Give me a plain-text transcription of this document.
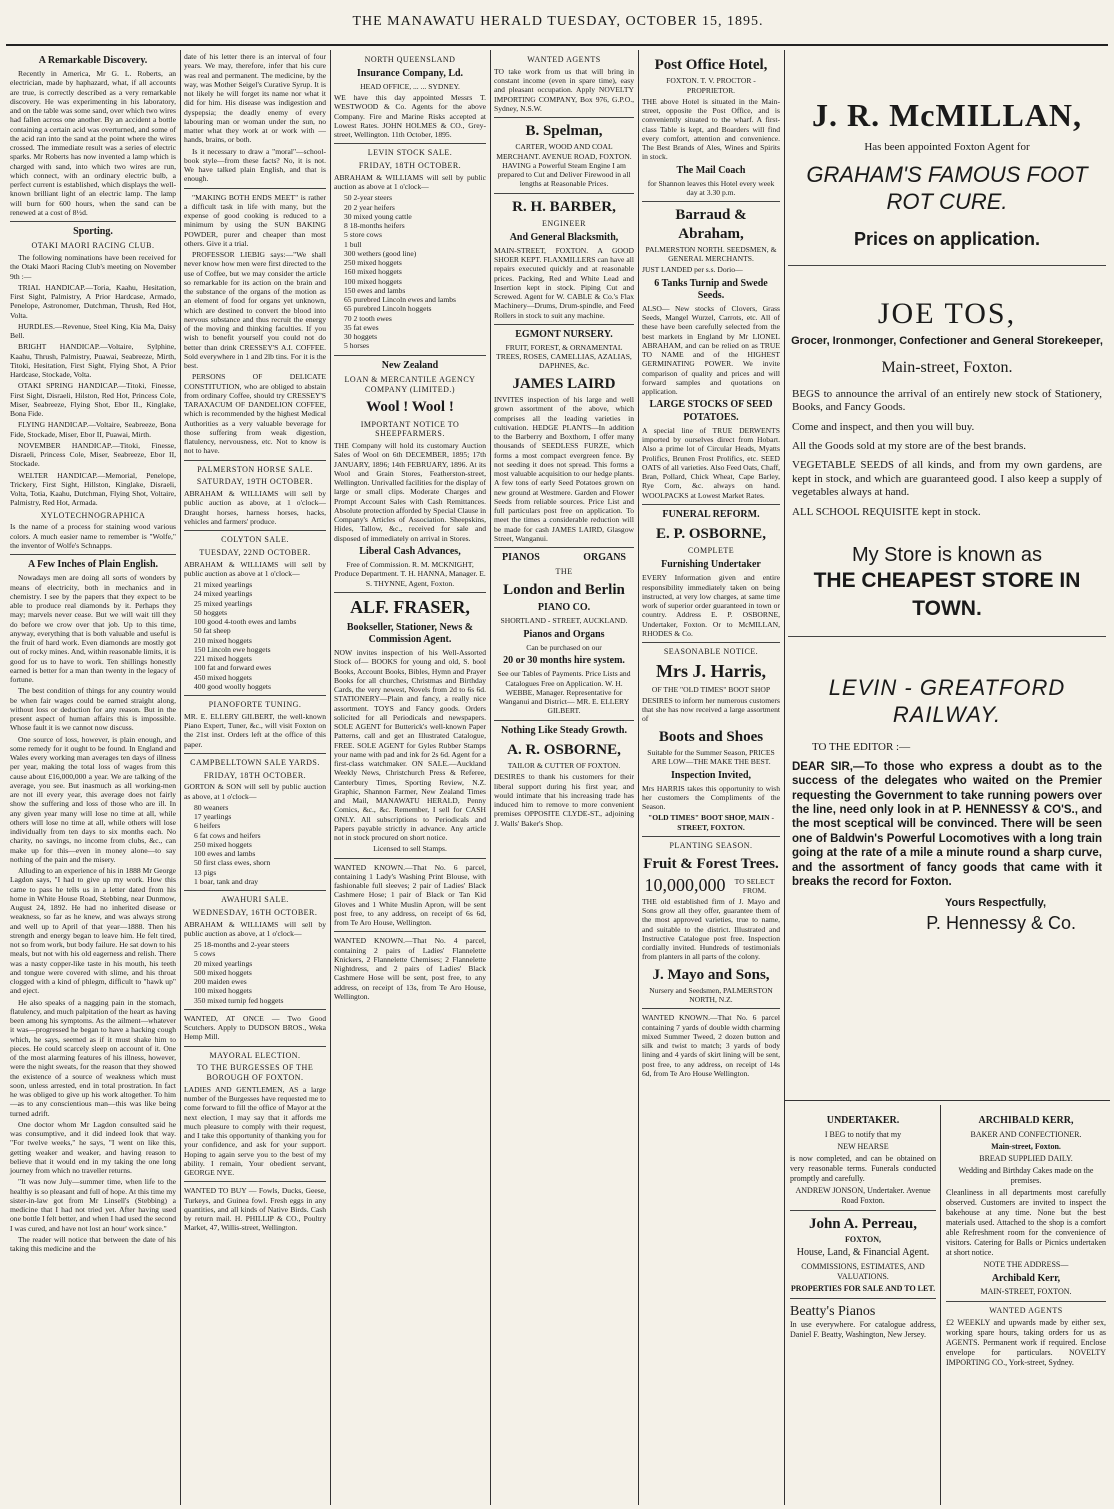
THE MANAWATU HERALD TUESDAY, OCTOBER 15, 1895.
A Remarkable Discovery.

Recently in America, Mr G. L. Roberts, an electrician, made by haphazard, what, if all accounts are true, is correctly described as a very remarkable discovery. He was experimenting in his laboratory, and on the table was some sand, over which two wires had fallen across one another. By an accident a bottle containing a certain acid was overturned, and some of the acid ran into the sand at the point where the wires crossed. The immediate result was a series of electric sparks. Mr Roberts has now invented a lamp which is charged with sand, into which two wires are run, which connect, with an ordinary electric bulb, a perfect current is established, which displays the well-known brilliant light of an electric lamp. The lamp will burn for 600 hours, when the sand can be renewed at a cost of 8½d.

Sporting.
OTAKI MAORI RACING CLUB.

The following nominations have been received for the Otaki Maori Racing Club's meeting on November 9th :—

TRIAL HANDICAP.—Toria, Kaahu, Hesitation, First Sight, Palmistry, A Prior Hardcase, Armado, Penelope, Astronomer, Dutchman, Thrush, Red Hot, Volta.

HURDLES.—Revenue, Steel King, Kia Ma, Daisy Bell.

BRIGHT HANDICAP.—Voltaire, Sylphine, Kaahu, Thrush, Palmistry, Puawai, Seabreeze, Mirth, Titoki, Hesitation, First Sight, Flying Shot, A Prior Hardcase, Stockade, Volta.

OTAKI SPRING HANDICAP.—Titoki, Finesse, First Sight, Disraeli, Hilston, Red Hot, Princess Cole, Miser, Seabreeze, Flying Shot, Ebor II., Kinglake, Bona Fide.

FLYING HANDICAP.—Voltaire, Seabreeze, Bona Fide, Stockade, Miser, Ebor II, Puawai, Mirth.

NOVEMBER HANDICAP.—Titoki, Finesse, Disraeli, Princess Cole, Miser, Seabreeze, Ebor II, Stockade.

WELTER HANDICAP.—Memorial, Penelope, Trickery, First Sight, Hillston, Kinglake, Disraeli, Volta, Totia, Kaahu, Dutchman, Flying Shot, Voltaire, Palmistry, Red Hot, Armada.

XYLOTECHNOGRAPHICA

Is the name of a process for staining wood various colors. A much easier name to remember is "Wolfe," the inventor of Wolfe's Schnapps.

A Few Inches of Plain English.

Nowadays men are doing all sorts of wonders by means of electricity, both in mechanics and in chemistry. I see by the papers that they expect to be able to produce real diamonds by it. Perhaps they may; marvels never cease. But we will wait till they do before we crow over that job. Up to this time, anyway, everything that is both valuable and useful is the fruit of hard work. Even diamonds are mostly got out of rocky mines. And, within reasonable limits, it is good for us to have to work. Ten shillings honestly earned is better for a man than twenty in the legacy of fortune.

The best condition of things for any country would be when fair wages could be earned straight along, without loss or deduction for any reason. But in the present aspect of human affairs this is impossible. Whose fault it is we cannot now discuss.

One source of loss, however, is plain enough, and some remedy for it ought to be found. In England and Wales every working man averages ten days of illness per year, making the total loss of wages from this cause about £16,000,000 a year. We are talking of the average, you see. But inasmuch as all working-men are not ill every year, this average does not fairly show the suffering and loss of those who are ill. In any given year many will lose no time at all, while others will lose no time at all, while others will lose individually from ten days to six months each. No charity, no savings, no income from clubs, &c., can make up for this—even in money alone—to say nothing of the pain and the misery.

Alluding to an experience of his in 1888 Mr George Lagdon says, "I had to give up my work. How this came to pass he tells us in a letter dated from his home in White House Road, Stebbing, near Dunmow, August 24, 1892. He had no inherited disease or weakness, so far as he knew, and was always strong and well up to April of that year—1888. Then his strength and energy began to leave him. He felt tired, not so from work, but body failure. He sat down to his meals, but not with his old eagerness and relish. There was a nasty copper-like taste in his mouth, his teeth and tongue were covered with slime, and his throat clogged with a kind of phlegm, difficult to "hawk up" and eject.

He also speaks of a nagging pain in the stomach, flatulency, and much palpitation of the heart as having been among his symptoms. As the ailment—whatever it was—progressed he began to have a hacking cough which, he says, seemed as if it must shake him to pieces. He could scarcely sleep on account of it. One of the most alarming features of his illness, however, were the night sweats, for the reason that they showed the existence of a source of weakness which must soon, unless arrested, end in total prostration. In fact he was obliged to give up his work altogether. To him—as to any conscientious man—this was like being turned adrift.

One doctor whom Mr Lagdon consulted said he was consumptive, and it did indeed look that way. "For twelve weeks," he says, "I went on like this, getting weaker and weaker, and having reason to believe that it would end in my taking the one long journey from which no traveller returns.

"It was now July—summer time, when life to the healthy is so pleasant and full of hope. At this time my sister-in-law got from Mr Linsell's (Stebbing) a medicine that I had not tried yet. After having used one bottle I felt better, and when I had used the second I was cured, and have not lost an hour' work since."

The reader will notice that between the date of his taking this medicine and the

date of his letter there is an interval of four years. We may, therefore, infer that his cure was real and permanent. The medicine, by the way, was Mother Seigel's Curative Syrup. It is not likely he will forget its name nor what it did for him. His disease was indigestion and dyspepsia; the deadly enemy of every labouring man or woman under the sun, no matter what they work at or work with —hands, brains, or both.

Is it necessary to draw a "moral"—school-book style—from these facts? No, it is not. We have talked plain English, and that is enough.

"MAKING BOTH ENDS MEET" is rather a difficult task in life with many, but the expense of good cooking is reduced to a minimum by using the SUN BAKING POWDER, purer and cheaper than most others. Give it a trial.

PROFESSOR LIEBIG says:—"We shall never know how men were first directed to the use of Coffee, but we may consider the article so remarkable for its action on the brain and the substance of the organs of the motion as an element of food for organs yet unknown, which are destined to convert the blood into nervous substance and thus recruit the energy of the moving and thinking faculties. If you wish to benefit yourself you could not do better than drink CRESSEY'S A.I. COFFEE. Sold everywhere in 1 and 2lb tins. For it is the best.

PERSONS OF DELICATE CONSTITUTION, who are obliged to abstain from ordinary Coffee, should try CRESSEY'S TARAXACUM OF DANDELION COFFEE, which is recommended by the highest Medical Authorities as a very valuable beverage for those suffering from weak digestion, flatulency, nervousness, etc. Not to know is not to have.

PALMERSTON HORSE SALE.
SATURDAY, 19TH OCTOBER.

ABRAHAM & WILLIAMS will sell by public auction as above, at 1 o'clock— Draught horses, harness horses, hacks, vehicles and farmers' produce.

COLYTON SALE.
TUESDAY, 22ND OCTOBER.

ABRAHAM & WILLIAMS will sell by public auction as above at 1 o'clock—

21 mixed yearlings
24 mixed yearlings
25 mixed yearlings
50 hoggets
100 good 4-tooth ewes and lambs
50 fat sheep
210 mixed hoggets
150 Lincoln ewe hoggets
221 mixed hoggets
100 fat and forward ewes
450 mixed hoggets
400 good woolly hoggets
PIANOFORTE TUNING.

MR. E. ELLERY GILBERT, the well-known Piano Expert, Tuner, &c., will visit Foxton on the 21st inst. Orders left at the office of this paper.

CAMPBELLTOWN SALE YARDS.
FRIDAY, 18TH OCTOBER.

GORTON & SON will sell by public auction as above, at 1 o'clock—

80 weaners
17 yearlings
6 heifers
6 fat cows and heifers
250 mixed hoggets
100 ewes and lambs
50 first class ewes, shorn
13 pigs
1 boar, tank and dray
AWAHURI SALE.
WEDNESDAY, 16TH OCTOBER.

ABRAHAM & WILLIAMS will sell by public auction as above, at 1 o'clock—

25 18-months and 2-year steers
5 cows
20 mixed yearlings
500 mixed hoggets
200 maiden ewes
100 mixed hoggets
350 mixed turnip fed hoggets

WANTED, AT ONCE — Two Good Scutchers. Apply to DUDSON BROS., Weka Hemp Mill.

MAYORAL ELECTION.
TO THE BURGESSES OF THE BOROUGH OF FOXTON.

LADIES AND GENTLEMEN, AS a large number of the Burgesses have requested me to come forward to fill the office of Mayor at the next election, I may say that it affords me much pleasure to comply with their request, and I take this opportunity of thanking you for your confidence, and ask for your support. Hoping to again serve you to the best of my ability. I remain, Your obedient servant, GEORGE NYE.

WANTED TO BUY — Fowls, Ducks, Geese, Turkeys, and Guinea fowl. Fresh eggs in any quantities, and all kinds of Native Birds. Cash by return mail. H. PHILLIP & CO., Poultry Market, 47, Willis-street, Wellington.

NORTH QUEENSLAND
Insurance Company, Ld.

HEAD OFFICE, ... ... SYDNEY.

WE have this day appointed Messrs T. WESTWOOD & Co. Agents for the above Company. Fire and Marine Risks accepted at Lowest Rates. JOHN HOLMES & CO., Grey-street, Wellington. 11th October, 1895.

LEVIN STOCK SALE.
FRIDAY, 18TH OCTOBER.

ABRAHAM & WILLIAMS will sell by public auction as above at 1 o'clock—

50 2-year steers
20 2 year heifers
30 mixed young cattle
8 18-months heifers
5 store cows
1 bull
300 wethers (good line)
250 mixed hoggets
160 mixed hoggets
100 mixed hoggets
150 ewes and lambs
65 purebred Lincoln ewes and lambs
65 purebred Lincoln hoggets
70 2 tooth ewes
35 fat ewes
30 hoggets
5 horses
New Zealand
LOAN & MERCANTILE AGENCY COMPANY (LIMITED.)
Wool ! Wool !
IMPORTANT NOTICE TO SHEEPFARMERS.

THE Company will hold its customary Auction Sales of Wool on 6th DECEMBER, 1895; 17th JANUARY, 1896; 14th FEBRUARY, 1896. At its Wool and Grain Stores, Featherston-street, Wellington. Unrivalled facilities for the display of large or small clips. Moderate Charges and Prompt Account Sales with Cash Remittances. Absolute protection afforded by Special Clause in Company's Articles of Association. Sheepskins, Hides, Tallow, &c., received for sale and disposed of immediately on arrival in Stores.

Liberal Cash Advances,

Free of Commission. R. M. MCKNIGHT, Produce Department. T. H. HANNA, Manager. E. S. THYNNE, Agent, Foxton.

ALF. FRASER,
Bookseller, Stationer, News & Commission Agent.

NOW invites inspection of his Well-Assorted Stock of— BOOKS for young and old, S. bool Books, Account Books, Bibles, Hymn and Prayer Books for all churches, Christmas and Birthday Cards, the very newest, Novels from 2d to 6s 6d. STATIONERY—Plain and fancy, a really nice assortment. TOYS and Fancy goods. Orders solicited for all Periodicals and newspapers. SOLE AGENT for Butterick's well-known Paper Patterns, call and get an Illustrated Catalogue, FREE. SOLE AGENT for Gyles Rubber Stamps your name with pad and ink for 2s 6d. Agent for a first-class watchmaker. ON SALE.—Auckland Weekly News, Christchurch Press & Referee, Canterbury Times, Sporting Review, N.Z. Graphic, Shannon Farmer, New Zealand Times and Mail, MANAWATU HERALD, Penny Comics, &c., &c. Remember, I sell for CASH ONLY. All subscriptions to Periodicals and Papers payable strictly in advance. Any article not in stock procured on short notice.

Licensed to sell Stamps.

WANTED KNOWN.—That No. 6 parcel, containing 1 Lady's Washing Print Blouse, with fashionable full sleeves; 2 pair of Ladies' Black Cashmere Hose; 1 pair of Black or Tan Kid Gloves and 1 White Muslin Apron, will be sent post free, to any address, on receipt of 6s 6d, from Te Aro House, Wellington.

WANTED KNOWN.—That No. 4 parcel, containing 2 pairs of Ladies' Flannelette Knickers, 2 Flannelette Chemises; 2 Flannelette Nightdress, and 2 pairs of Ladies' Black Cashmere Hose will be sent, post free, to any address, on receipt of 13s, from Te Aro House, Wellington.

WANTED AGENTS

TO take work from us that will bring in constant income (even in spare time), easy and pleasant occupation. Apply NOVELTY IMPORTING COMPANY, Box 976, G.P.O., Sydney, N.S.W.

B. Spelman,

CARTER, WOOD AND COAL MERCHANT. AVENUE ROAD, FOXTON. HAVING a Powerful Steam Engine I am prepared to Cut and Deliver Firewood in all lengths at Reasonable Prices.

R. H. BARBER,
ENGINEER
And General Blacksmith,

MAIN-STREET, FOXTON. A GOOD SHOER KEPT. FLAXMILLERS can have all repairs executed quickly and at reasonable prices. Packing, Red and White Lead and Insertion kept in stock. Piping Cut and Screwed. Agent for W. CABLE & Co.'s Flax Machinery—Drums, Drum-spindle, and Feed Rollers in stock to suit any machine.

EGMONT NURSERY.

FRUIT, FOREST, & ORNAMENTAL TREES, ROSES, CAMELLIAS, AZALIAS, DAPHNES, &c.

JAMES LAIRD

INVITES inspection of his large and well grown assortment of the above, which comprises all the leading varieties in cultivation. HEDGE PLANTS—In addition to the Barberry and Boxthorn, I offer many thousands of SEEDLESS FURZE, which forms a most compact evergreen fence. By not seeding it does not spread. This forms a most valuable acquisition to our hedge plants. A few tons of early Seed Potatoes grown on new ground at Westmere. Garden and Flower Seeds from reliable sources. Price List and full particulars post free on application. To meet the times a considerable reduction will be made for cash JAMES LAIRD, Glasgow Street, Wanganui.

PIANOS	ORGANS
THE
London and Berlin
PIANO CO.

SHORTLAND - STREET, AUCKLAND.

Pianos and Organs

Can be purchased on our

20 or 30 months hire system.

See our Tables of Payments. Price Lists and Catalogues Free on Application. W. H. WEBBE, Manager. Representative for Wanganui and District— MR. E. ELLERY GILBERT.

Nothing Like Steady Growth.
A. R. OSBORNE,

TAILOR & CUTTER OF FOXTON.

DESIRES to thank his customers for their liberal support during his first year, and would intimate that his increasing trade has induced him to remove to more convenient premises OPPOSITE CLYDE-ST., adjoining J. Walls' Baker's Shop.

Post Office Hotel,

FOXTON. T. V. PROCTOR - PROPRIETOR.

THE above Hotel is situated in the Main-street, opposite the Post Office, and is conveniently situated to the wharf. A first-class Table is kept, and Boarders will find every comfort, attention and convenience. The Best Brands of Ales, Wines and Spirits in stock.

The Mail Coach

for Shannon leaves this Hotel every week day at 3.30 p.m.

Barraud & Abraham,

PALMERSTON NORTH. SEEDSMEN, & GENERAL MERCHANTS.

JUST LANDED per s.s. Dorio—

6 Tanks Turnip and Swede Seeds.

ALSO— New stocks of Clovers, Grass Seeds, Mangel Wurzel, Carrots, etc. All of these have been carefully selected from the best markets in England by Mr LIONEL ABRAHAM, and can be relied on as TRUE TO NAME and of the HIGHEST GERMINATING POWER. We invite comparison of quality and prices and will forward samples and quotations on application.

LARGE STOCKS OF SEED POTATOES.

A special line of TRUE DERWENTS imported by ourselves direct from Hobart. Also a prime lot of Circular Heads, Myatts Prolifics, Brunen Frost Prolifics, etc. SEED OATS of all varieties. Also Feed Oats, Chaff, Bran, Pollard, Chick Wheat, Cape Barley, Rye Corn, &c. always on hand. WOOLPACKS at Lowest Market Rates.

FUNERAL REFORM.
E. P. OSBORNE,
COMPLETE
Furnishing Undertaker

EVERY Information given and entire responsibility immediately taken on being instructed, at very low charges, at same time work of superior order guaranteed in town or country. Address E. P. OSBORNE, Undertaker, Foxton. Or to McMILLAN, RHODES & Co.

SEASONABLE NOTICE.
Mrs J. Harris,

OF THE "OLD TIMES" BOOT SHOP

DESIRES to inform her numerous customers that she has now received a large assortment of

Boots and Shoes

Suitable for the Summer Season, PRICES ARE LOW—THE MAKE THE BEST.

Inspection Invited,

Mrs HARRIS takes this opportunity to wish her customers the Compliments of the Season.

"OLD TIMES" BOOT SHOP, MAIN - STREET, FOXTON.

PLANTING SEASON.
Fruit & Forest Trees.
10,000,000	TO SELECT FROM.

THE old established firm of J. Mayo and Sons grow all they offer, guarantee them of the most approved varieties, true to name, and suitable to the district. Illustrated and Instructive Catalogue post free. Inspection cordially invited. Hundreds of testimonials from planters in all parts of the colony.

J. Mayo and Sons,

Nursery and Seedsmen, PALMERSTON NORTH, N.Z.

WANTED KNOWN.—That No. 6 parcel containing 7 yards of double width charming mixed Summer Tweed, 2 dozen button and silk and twist to match; 3 yards of body lining and 4 yards of skirt lining will be sent, post free, to any address, on receipt of 14s 6d, from Te Aro House Wellington.

J. R. McMILLAN,
Has been appointed Foxton Agent for
GRAHAM'S FAMOUS FOOT ROT CURE.
Prices on application.
JOE TOS,
Grocer, Ironmonger, Confectioner and General Storekeeper,
Main-street, Foxton.
BEGS to announce the arrival of an entirely new stock of Stationery, Books, and Fancy Goods.
Come and inspect, and then you will buy.
All the Goods sold at my store are of the best brands.
VEGETABLE SEEDS of all kinds, and from my own gardens, are kept in stock, and which are guaranteed good. I also keep a supply of vegetables always at hand.
ALL SCHOOL REQUISITE kept in stock.
My Store is known as
THE CHEAPEST STORE IN TOWN.
LEVIN - GREATFORD RAILWAY.
TO THE EDITOR :—
DEAR SIR,—To those who express a doubt as to the success of the delegates who waited on the Premier requesting the Government to take running powers over the line, need only look in at P. HENNESSY & CO'S., and the most sceptical will be convinced. There will be seen one of Baldwin's Powerful Locomotives with a long train going at the rate of a mile a minute round a sharp curve, and the assortment of fancy goods that came with it breaks the record for Foxton.
Yours Respectfully,
P. Hennessy & Co.
UNDERTAKER.

I BEG to notify that my

NEW HEARSE

is now completed, and can be obtained on very reasonable terms. Funerals conducted promptly and carefully.

ANDREW JONSON, Undertaker. Avenue Road Foxton.

John A. Perreau,

FOXTON,

House, Land, & Financial Agent.

COMMISSIONS, ESTIMATES, AND VALUATIONS.

PROPERTIES FOR SALE AND TO LET.

Beatty's Pianos

In use everywhere. For catalogue address, Daniel F. Beatty, Washington, New Jersey.

ARCHIBALD KERR,

BAKER AND CONFECTIONER.

Main-street, Foxton.

BREAD SUPPLIED DAILY.

Wedding and Birthday Cakes made on the premises.

Cleanliness in all departments most carefully observed. Customers are invited to inspect the bakehouse at any time. None but the best materials used. Attached to the shop is a comfort able Refreshment room for the convenience of visitors. Catering for Balls or Picnics undertaken at short notice.

NOTE THE ADDRESS—

Archibald Kerr,

MAIN-STREET, FOXTON.

WANTED AGENTS

£2 WEEKLY and upwards made by either sex, working spare hours, taking orders for us as AGENTS. Permanent work if required. Enclose envelope for particulars. NOVELTY IMPORTING CO., York-street, Sydney.
